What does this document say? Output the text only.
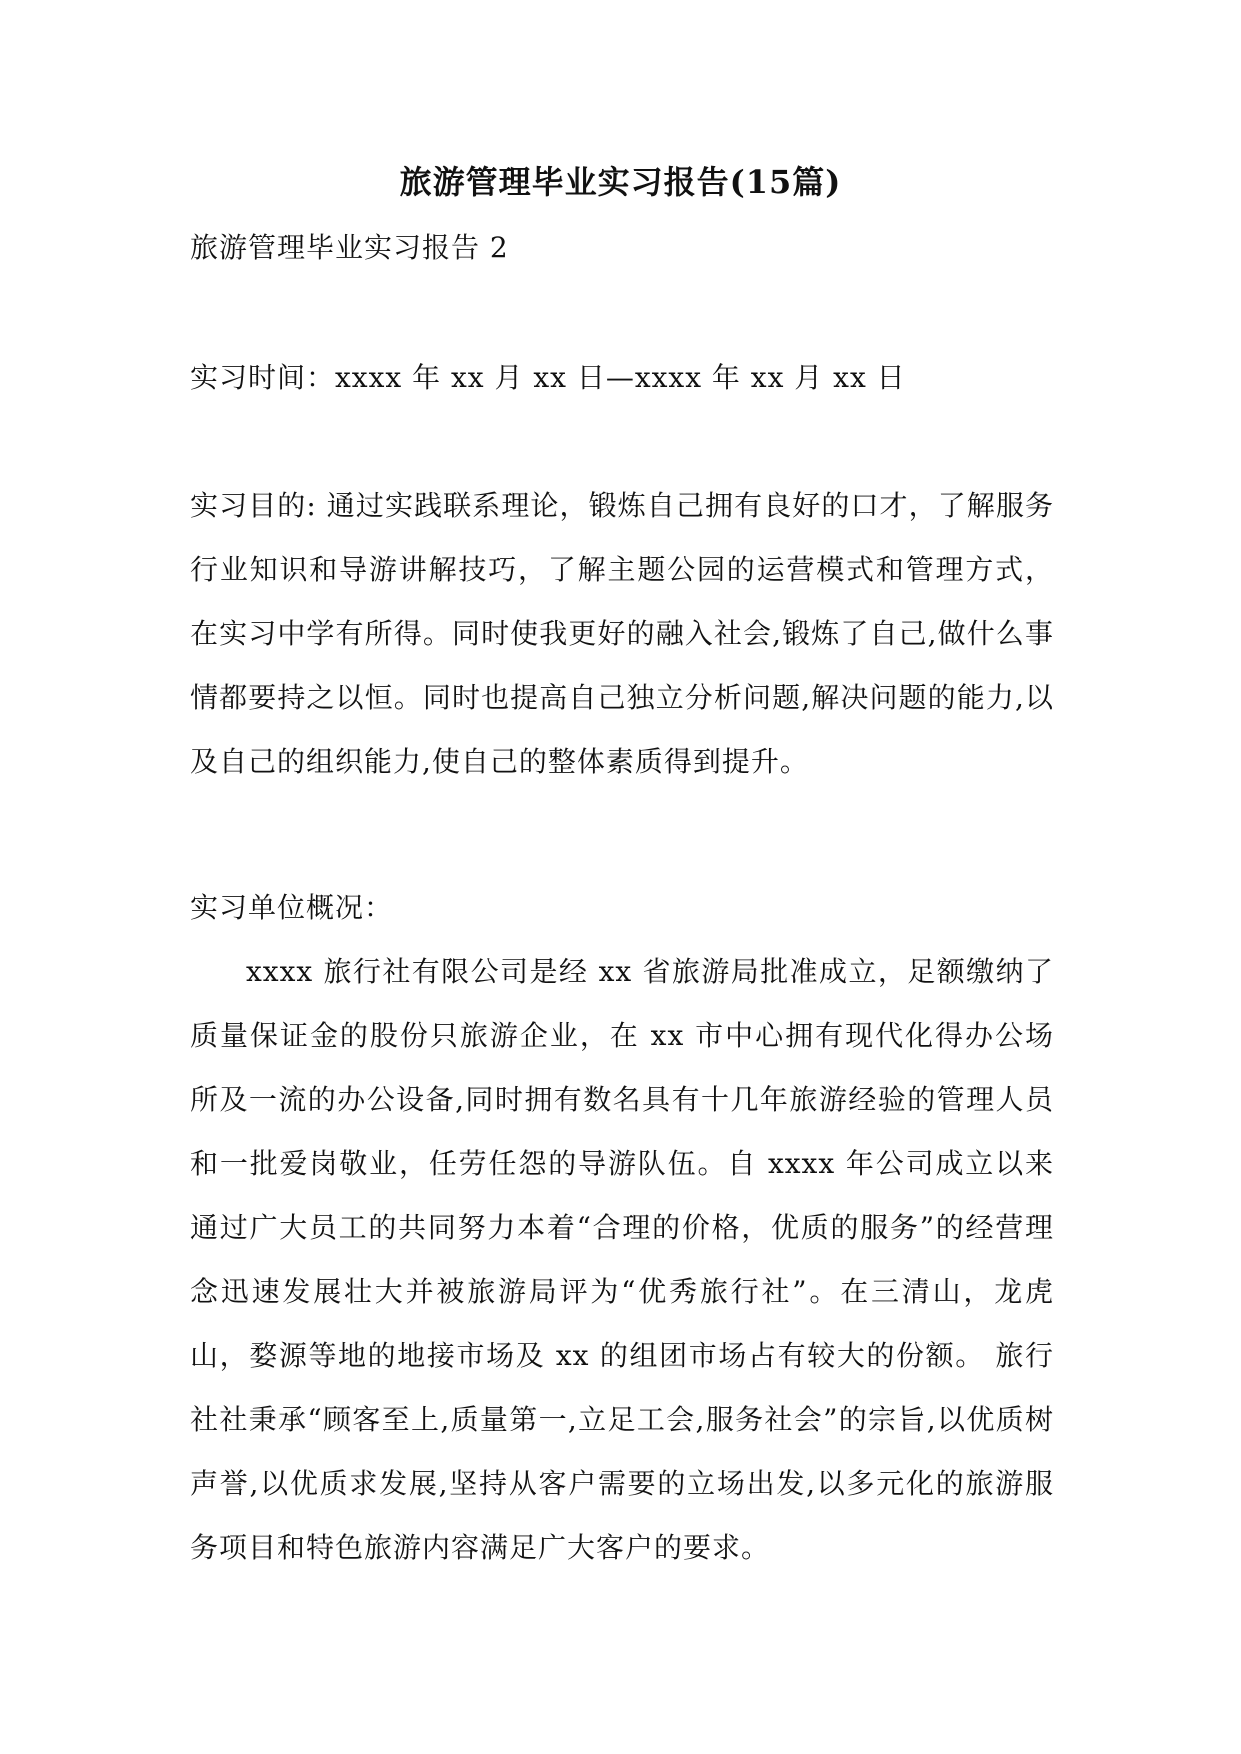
旅游管理毕业实习报告(15篇)
旅游管理毕业实习报告 2
实习时间：xxxx 年 xx 月 xx 日—xxxx 年 xx 月 xx 日
实习目的: 通过实践联系理论，锻炼自己拥有良好的口才，了解服务行业知识和导游讲解技巧，了解主题公园的运营模式和管理方式，在实习中学有所得。同时使我更好的融入社会,锻炼了自己,做什么事情都要持之以恒。同时也提高自己独立分析问题,解决问题的能力,以及自己的组织能力,使自己的整体素质得到提升。
实习单位概况：
xxxx 旅行社有限公司是经 xx 省旅游局批准成立，足额缴纳了质量保证金的股份只旅游企业，在 xx 市中心拥有现代化得办公场所及一流的办公设备,同时拥有数名具有十几年旅游经验的管理人员和一批爱岗敬业，任劳任怨的导游队伍。自 xxxx 年公司成立以来通过广大员工的共同努力本着“合理的价格，优质的服务”的经营理念迅速发展壮大并被旅游局评为“优秀旅行社”。在三清山，龙虎山，婺源等地的地接市场及 xx 的组团市场占有较大的份额。 旅行社社秉承“顾客至上,质量第一,立足工会,服务社会”的宗旨,以优质树声誉,以优质求发展,坚持从客户需要的立场出发,以多元化的旅游服务项目和特色旅游内容满足广大客户的要求。
